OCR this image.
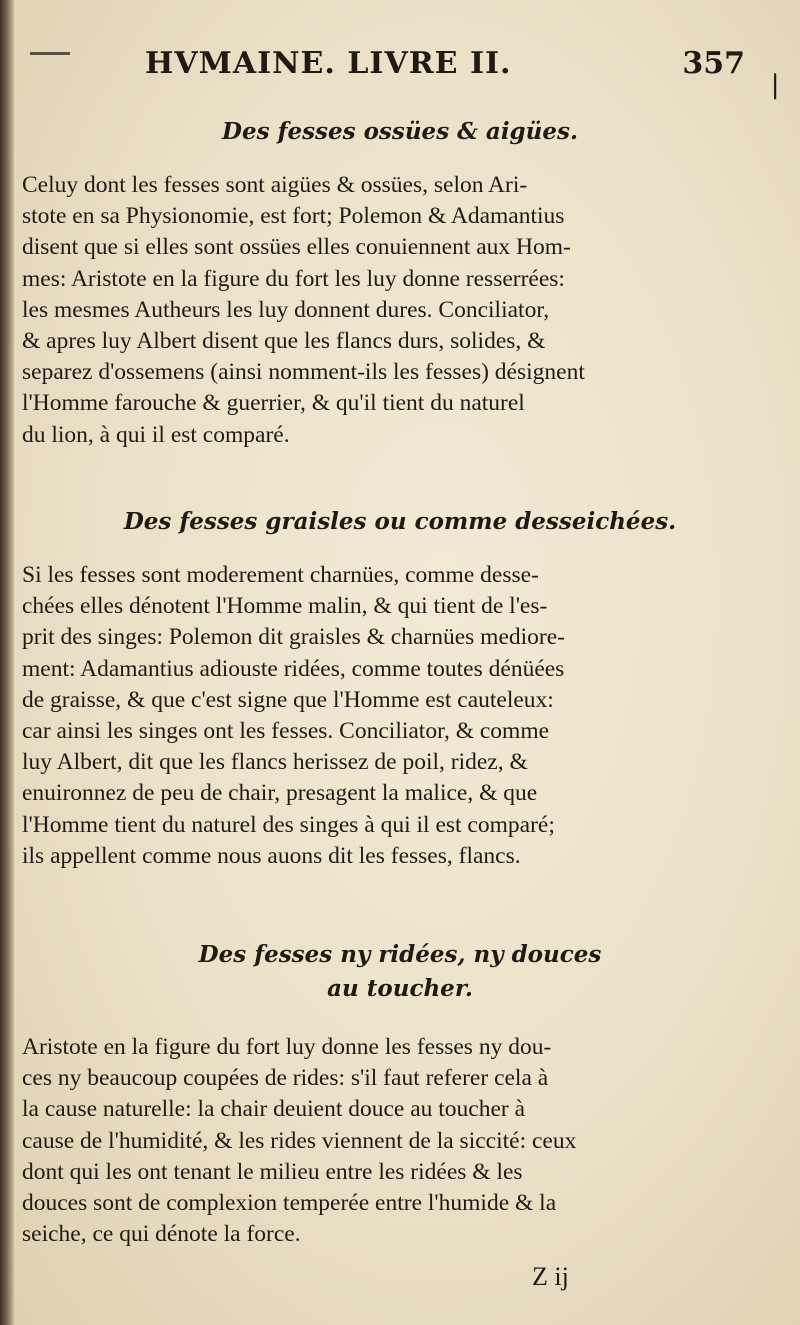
❘
HVMAINE. LIVRE II.	357
Des fesses ossües & aigües.
Celuy dont les fesses sont aigües & ossües, selon Ari-
stote en sa Physionomie, est fort; Polemon & Adamantius
disent que si elles sont ossües elles conuiennent aux Hom-
mes: Aristote en la figure du fort les luy donne resserrées:
les mesmes Autheurs les luy donnent dures. Conciliator,
& apres luy Albert disent que les flancs durs, solides, &
separez d'ossemens (ainsi nomment-ils les fesses) désignent
l'Homme farouche & guerrier, & qu'il tient du naturel
du lion, à qui il est comparé.
Des fesses graisles ou comme desseichées.
Si les fesses sont moderement charnües, comme desse-
chées elles dénotent l'Homme malin, & qui tient de l'es-
prit des singes: Polemon dit graisles & charnües mediore-
ment: Adamantius adiouste ridées, comme toutes dénüées
de graisse, & que c'est signe que l'Homme est cauteleux:
car ainsi les singes ont les fesses. Conciliator, & comme
luy Albert, dit que les flancs herissez de poil, ridez, &
enuironnez de peu de chair, presagent la malice, & que
l'Homme tient du naturel des singes à qui il est comparé;
ils appellent comme nous auons dit les fesses, flancs.
Des fesses ny ridées, ny douces
au toucher.
Aristote en la figure du fort luy donne les fesses ny dou-
ces ny beaucoup coupées de rides: s'il faut referer cela à
la cause naturelle: la chair deuient douce au toucher à
cause de l'humidité, & les rides viennent de la siccité: ceux
dont qui les ont tenant le milieu entre les ridées & les
douces sont de complexion temperée entre l'humide & la
seiche, ce qui dénote la force.
Z ij
